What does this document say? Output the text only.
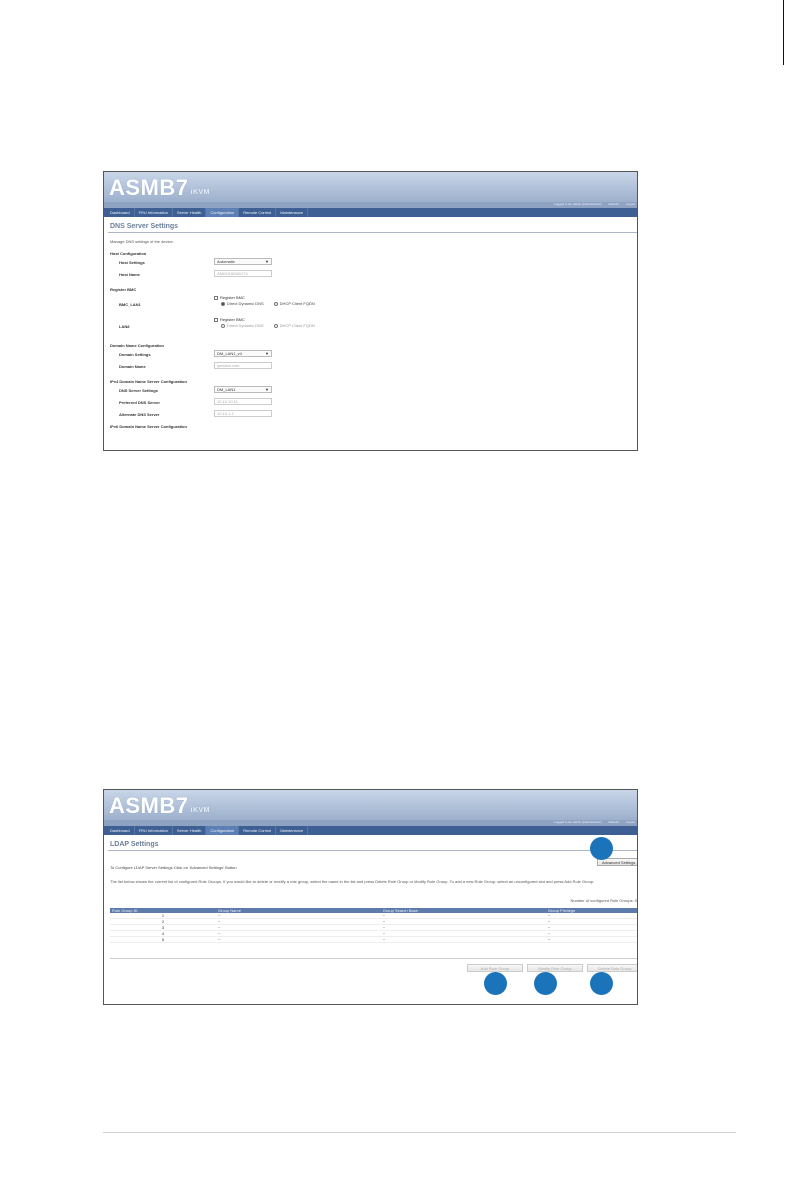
ASMB7 iKVM
Logged in as: admin (Administrator) Refresh Logout
Dashboard	FRU Information	Server Health	Configuration	Remote Control	Maintenance
DNS Server Settings
Manage DNS settings of the device.
Host Configuration
Host Settings	Automatic	▼
Host Name	AMI0015D50C74
Register BMC
BMC_LAN1
Register BMC
Direct Dynamic DNS	DHCP Client FQDN
LAN8
Register BMC
Direct Dynamic DNS	DHCP Client FQDN
Domain Name Configuration
Domain Settings	DM_LAN1_v4	▼
Domain Name	ipmiami.com
IPv4 Domain Name Server Configuration
DNS Server Settings	DM_LAN1	▼
Preferred DNS Server	10.10.10.11
Alternate DNS Server	10.10.1.1
IPv6 Domain Name Server Configuration
ASMB7 iKVM
Logged in as: admin (Administrator) Refresh Logout
Dashboard	FRU Information	Server Health	Configuration	Remote Control	Maintenance
LDAP Settings
To Configure LDAP Server Settings Click on 'Advanced Settings' Button
Advanced Settings
The list below shows the current list of configured Role Groups. If you would like to delete or modify a role group, select the name in the list and press Delete Role Group or Modify Role Group. To add a new Role Group, select an unconfigured slot and press Add Role Group.
Number of configured Role Groups: 0
Role Group ID	Group Name	Group Search Base	Group Privilege
1	~	~	~
2	~	~	~
3	~	~	~
4	~	~	~
5	~	~	~
Add Role Group	Modify Role Group	Delete Role Group
